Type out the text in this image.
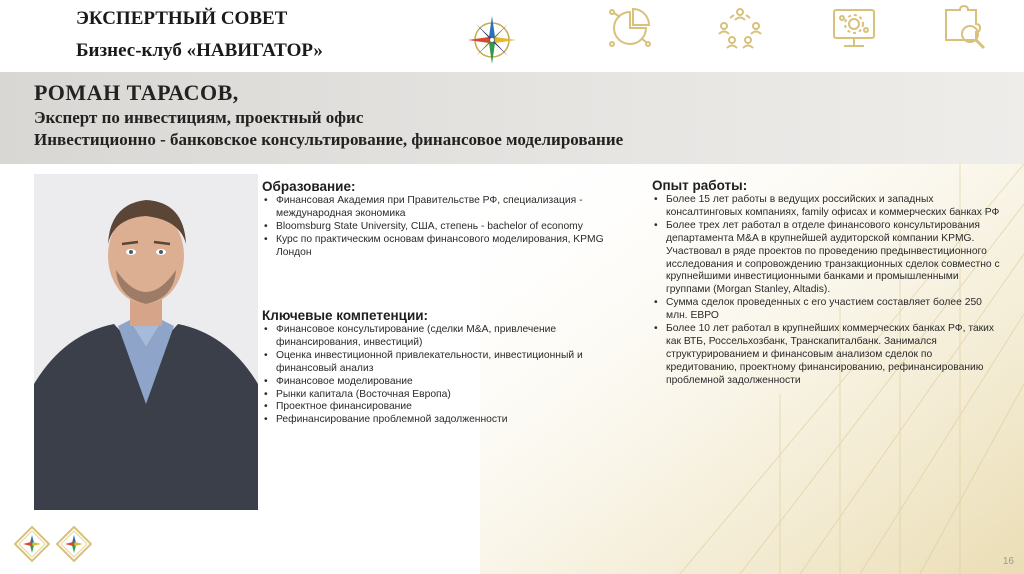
ЭКСПЕРТНЫЙ СОВЕТ
Бизнес-клуб «НАВИГАТОР»
РОМАН ТАРАСОВ,
Эксперт по инвестициям, проектный офис
Инвестиционно - банковское консультирование, финансовое моделирование
Образование:
• Финансовая Академия при Правительстве РФ, специализация - международная экономика
• Bloomsburg State University, США, степень - bachelor of economy
• Курс по практическим основам финансового моделирования, KPMG Лондон
Ключевые компетенции:
• Финансовое консультирование (сделки M&A, привлечение финансирования, инвестиций)
• Оценка инвестиционной привлекательности, инвестиционный и финансовый анализ
• Финансовое моделирование
• Рынки капитала (Восточная Европа)
• Проектное финансирование
• Рефинансирование проблемной задолженности
Опыт работы:
• Более 15 лет работы в ведущих российских и западных консалтинговых компаниях, family офисах и коммерческих банках РФ
• Более трех лет работал в отделе финансового консультирования департамента M&A в крупнейшей аудиторской компании KPMG. Участвовал в ряде проектов по проведению предынвестиционного исследования и сопровождению транзакционных сделок совместно с крупнейшими инвестиционными банками и промышленными группами (Morgan Stanley, Altadis).
• Сумма сделок проведенных с его участием составляет более 250 млн. ЕВРО
• Более 10 лет работал в крупнейших коммерческих банках РФ, таких как ВТБ, Россельхозбанк, Транскапиталбанк. Занимался структурированием и финансовым анализом сделок по кредитованию, проектному финансированию, рефинансированию проблемной задолженности
16
